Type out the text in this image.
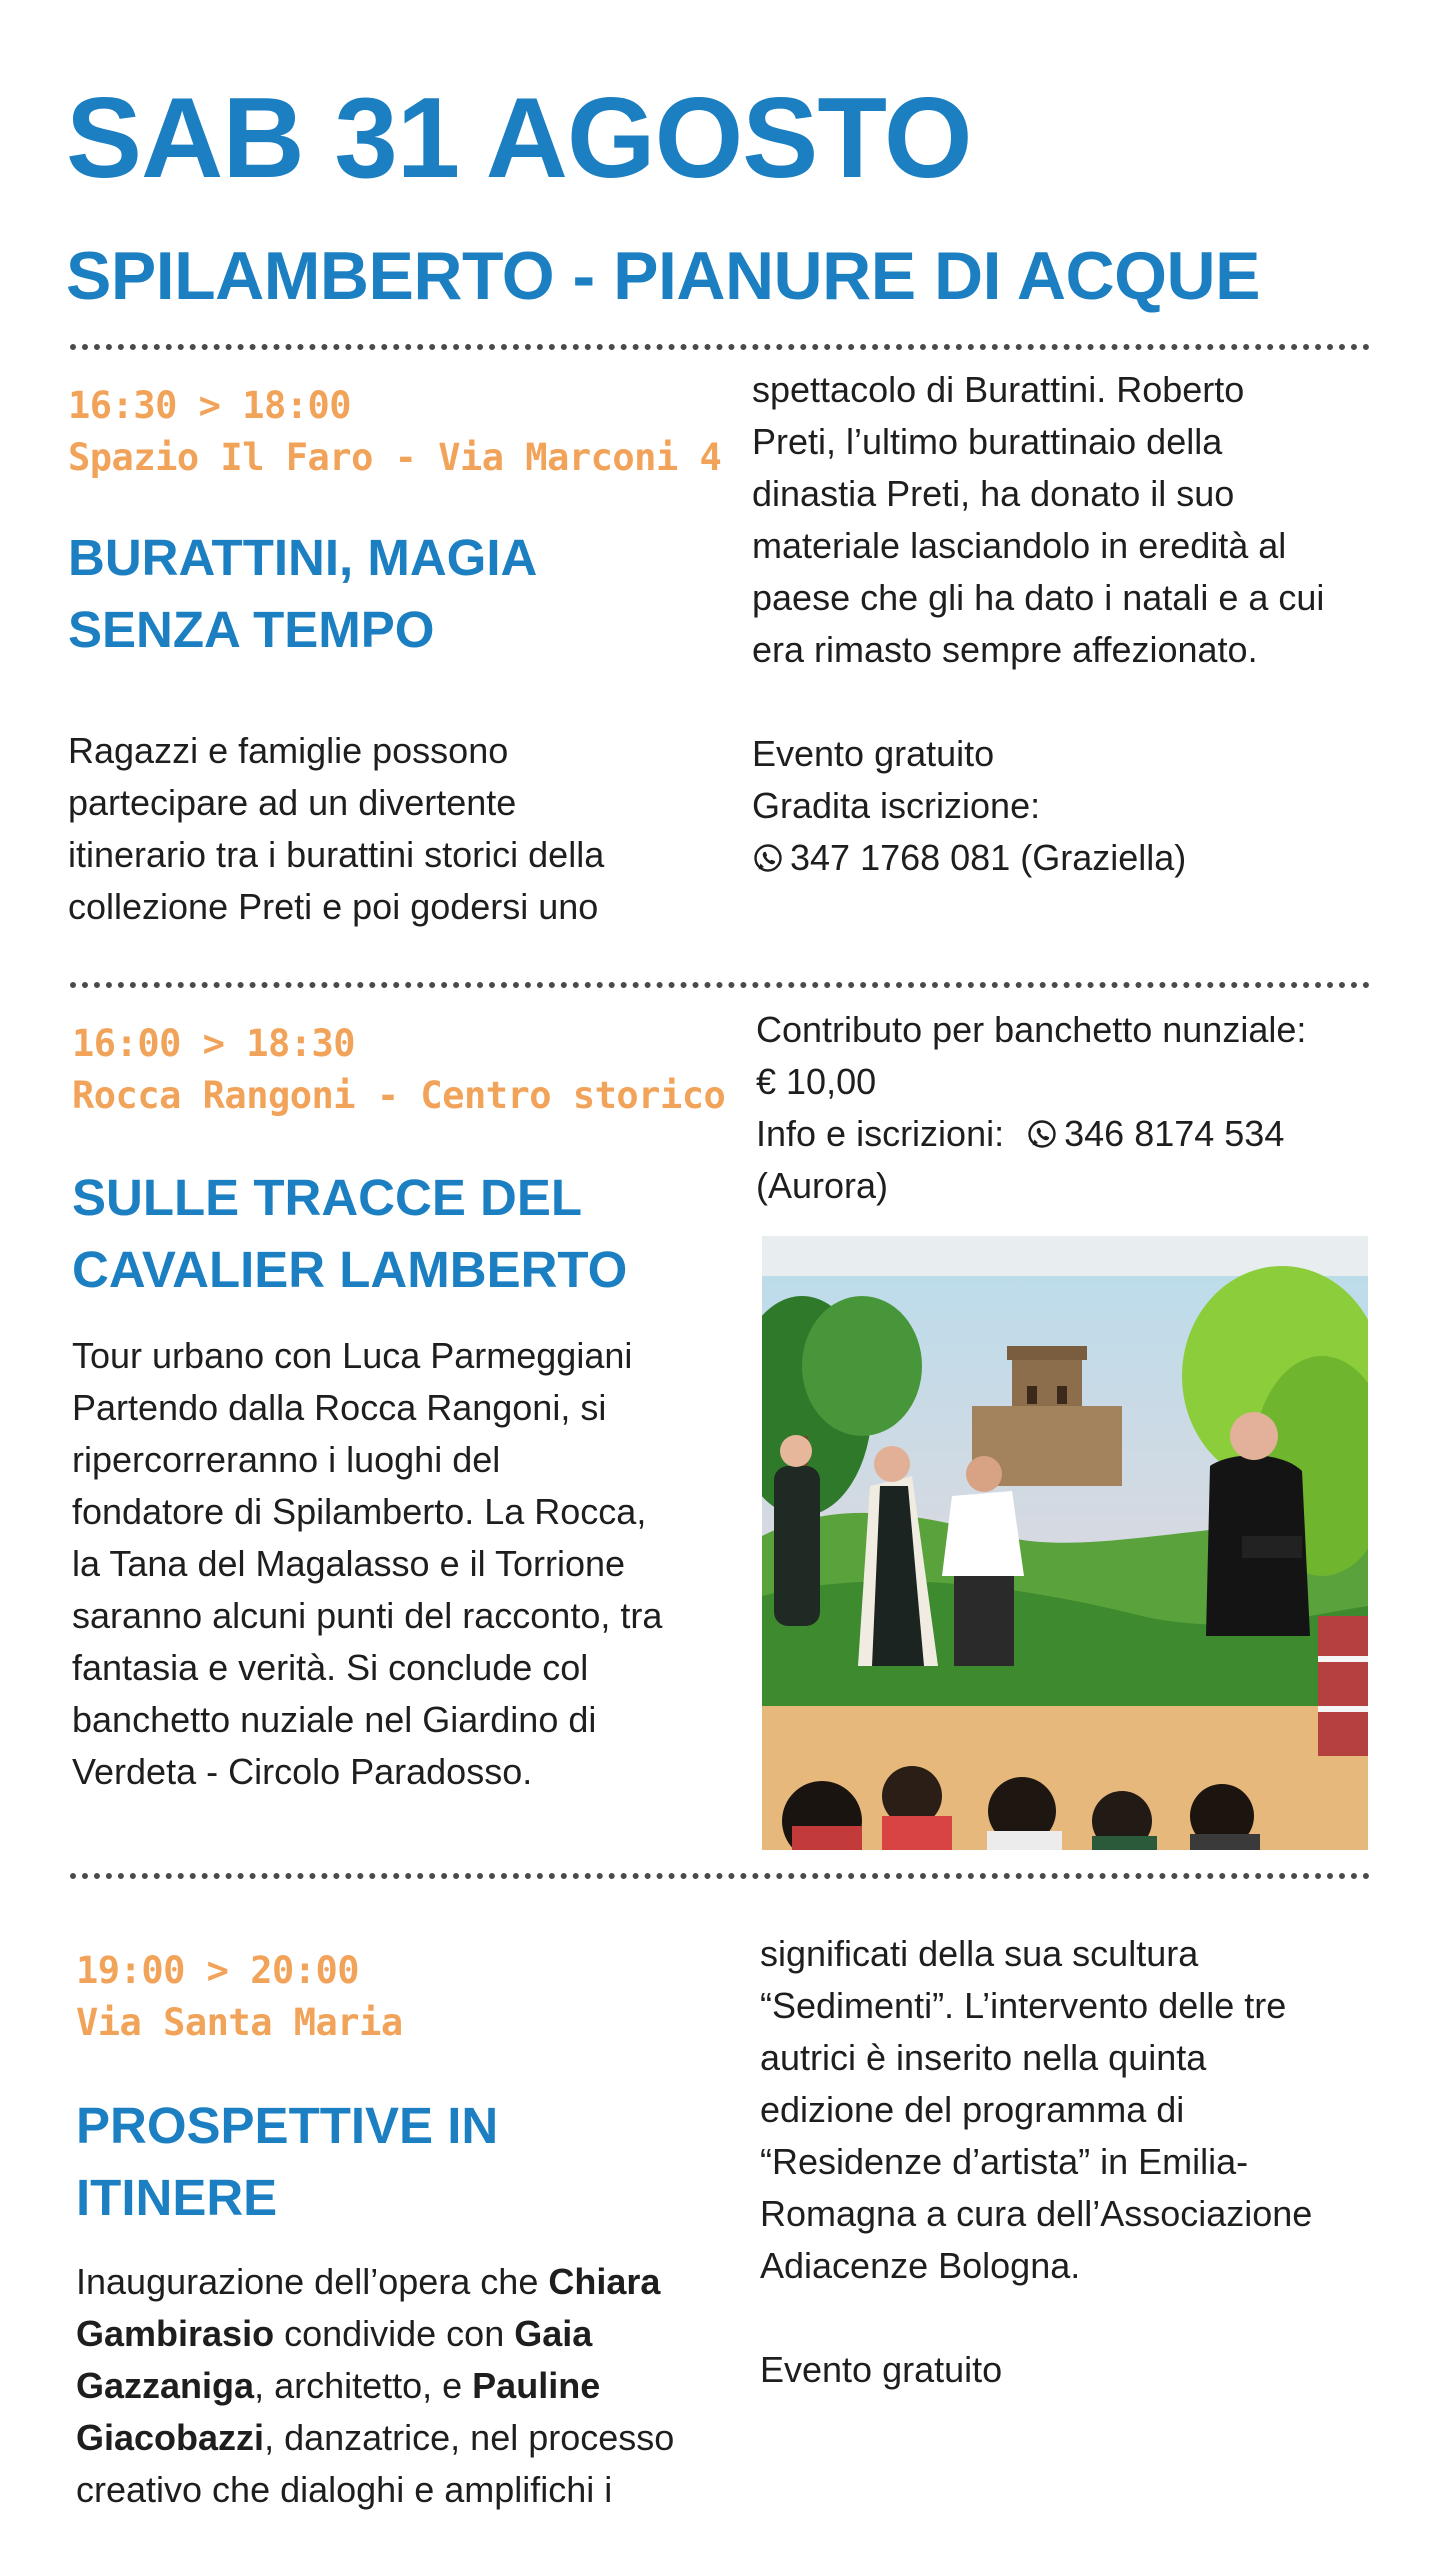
SAB 31 AGOSTO
SPILAMBERTO - PIANURE DI ACQUE
16:30 > 18:00
Spazio Il Faro - Via Marconi 4
BURATTINI, MAGIA
SENZA TEMPO
Ragazzi e famiglie possono
partecipare ad un divertente
itinerario tra i burattini storici della
collezione Preti e poi godersi uno
spettacolo di Burattini. Roberto
Preti, l’ultimo burattinaio della
dinastia Preti, ha donato il suo
materiale lasciandolo in eredità al
paese che gli ha dato i natali e a cui
era rimasto sempre affezionato.
Evento gratuito
Gradita iscrizione:
347 1768 081 (Graziella)
16:00 > 18:30
Rocca Rangoni - Centro storico
SULLE TRACCE DEL
CAVALIER LAMBERTO
Tour urbano con Luca Parmeggiani
Partendo dalla Rocca Rangoni, si
ripercorreranno i luoghi del
fondatore di Spilamberto. La Rocca,
la Tana del Magalasso e il Torrione
saranno alcuni punti del racconto, tra
fantasia e verità. Si conclude col
banchetto nuziale nel Giardino di
Verdeta - Circolo Paradosso.
Contributo per banchetto nunziale:
€ 10,00
Info e iscrizioni: 346 8174 534
(Aurora)
19:00 > 20:00
Via Santa Maria
PROSPETTIVE IN
ITINERE
Inaugurazione dell’opera che Chiara
Gambirasio condivide con Gaia
Gazzaniga, architetto, e Pauline
Giacobazzi, danzatrice, nel processo
creativo che dialoghi e amplifichi i
significati della sua scultura
“Sedimenti”. L’intervento delle tre
autrici è inserito nella quinta
edizione del programma di
“Residenze d’artista” in Emilia-
Romagna a cura dell’Associazione
Adiacenze Bologna.
Evento gratuito
